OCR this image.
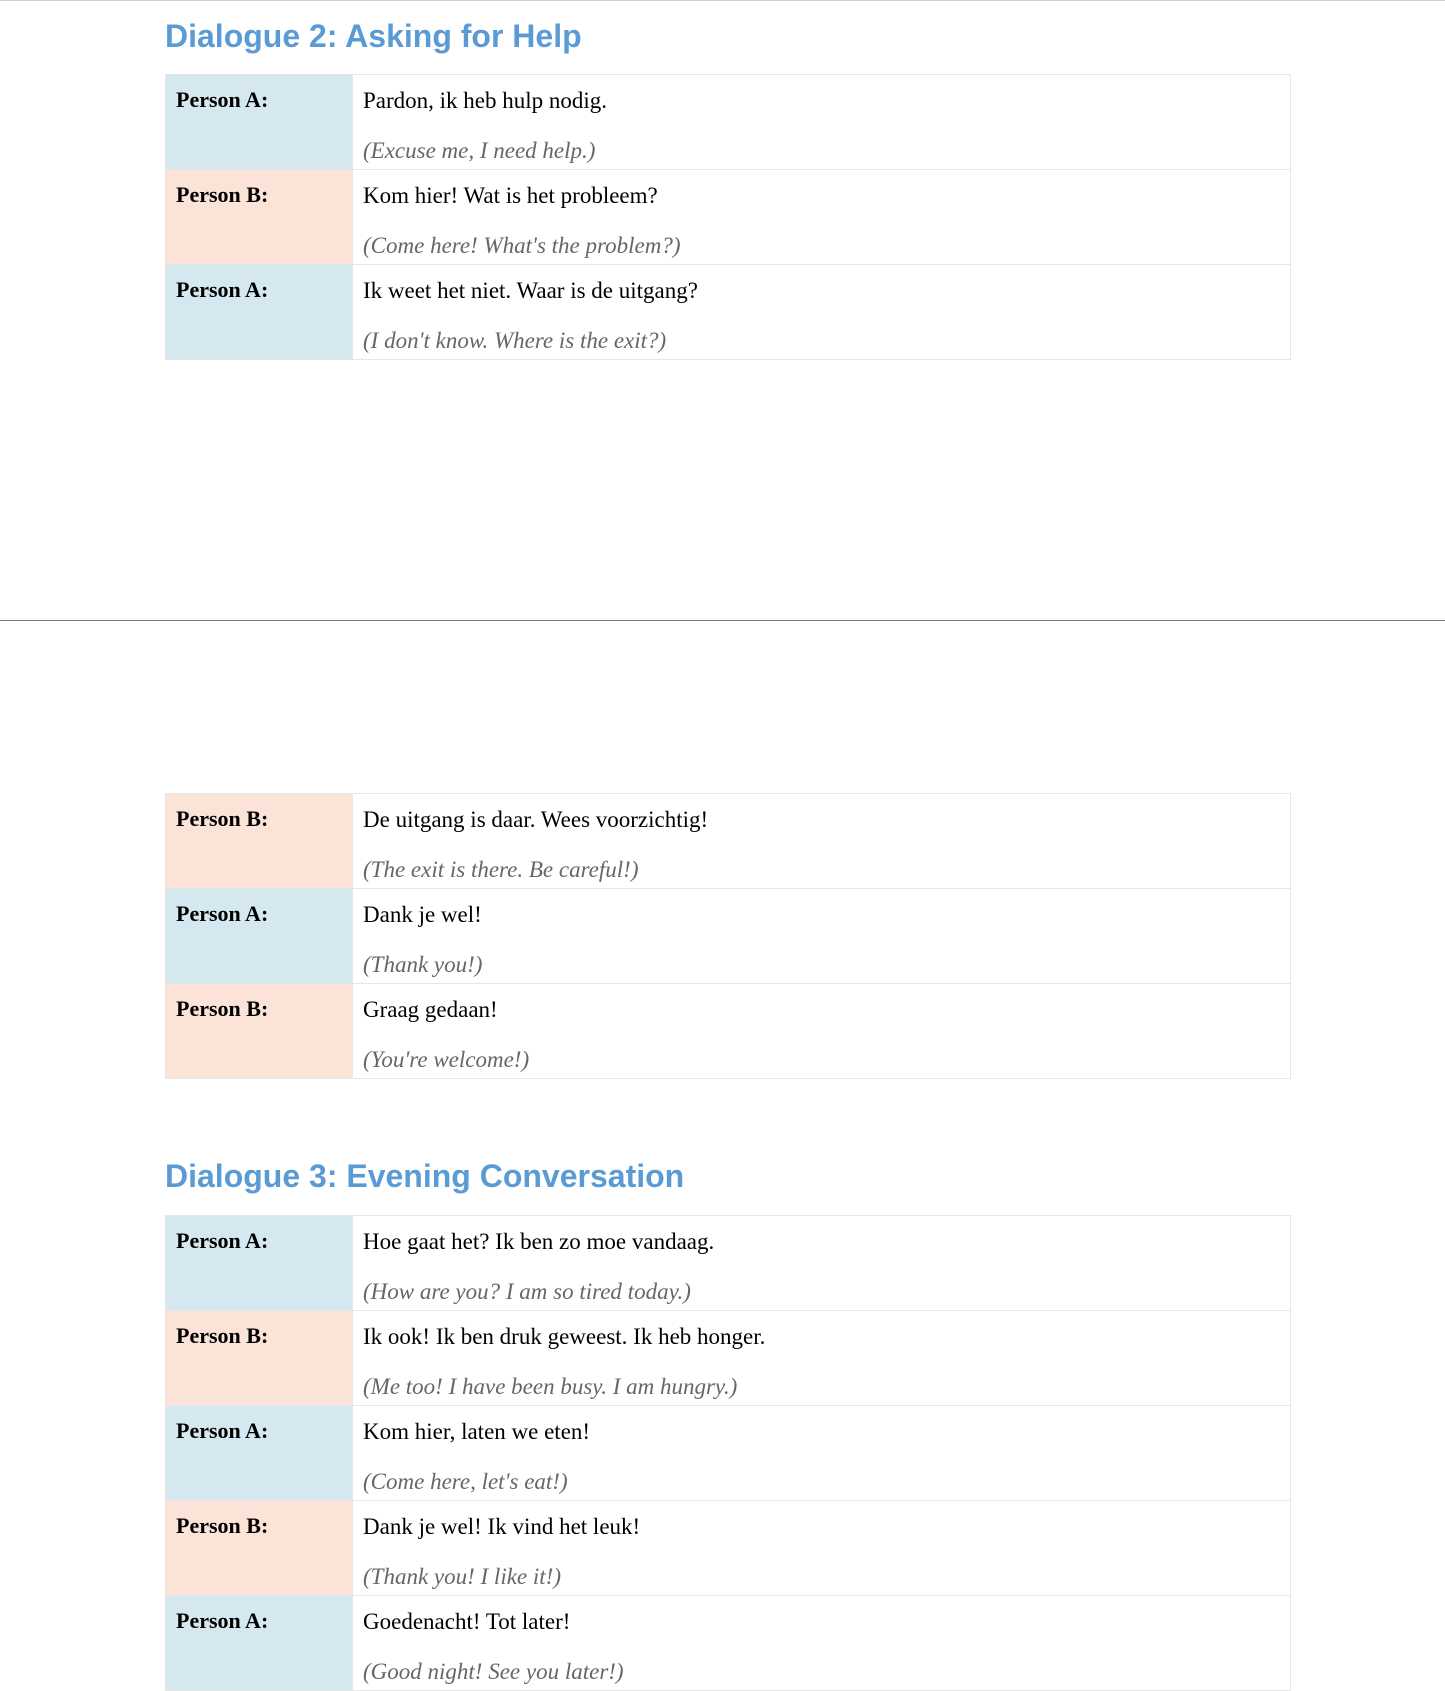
Dialogue 2: Asking for Help
Person A:	Pardon, ik heb hulp nodig.
(Excuse me, I need help.)

Person B:	Kom hier! Wat is het probleem?
(Come here! What's the problem?)

Person A:	Ik weet het niet. Waar is de uitgang?
(I don't know. Where is the exit?)
Person B:	De uitgang is daar. Wees voorzichtig!
(The exit is there. Be careful!)

Person A:	Dank je wel!
(Thank you!)

Person B:	Graag gedaan!
(You're welcome!)
Dialogue 3: Evening Conversation
Person A:	Hoe gaat het? Ik ben zo moe vandaag.
(How are you? I am so tired today.)

Person B:	Ik ook! Ik ben druk geweest. Ik heb honger.
(Me too! I have been busy. I am hungry.)

Person A:	Kom hier, laten we eten!
(Come here, let's eat!)

Person B:	Dank je wel! Ik vind het leuk!
(Thank you! I like it!)

Person A:	Goedenacht! Tot later!
(Good night! See you later!)
